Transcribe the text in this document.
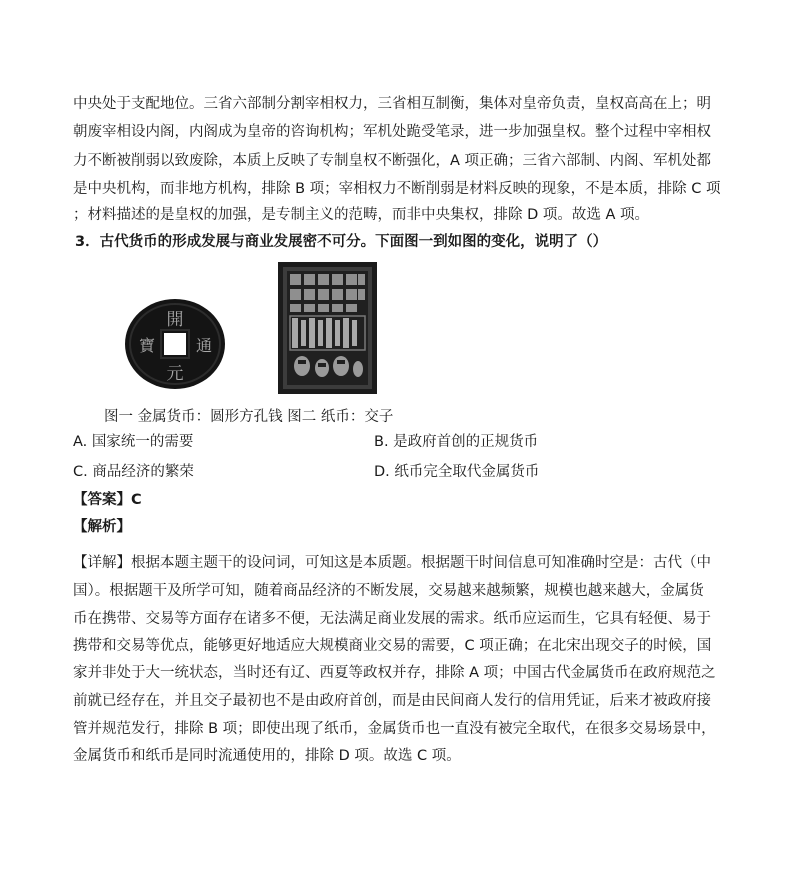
中央处于支配地位。三省六部制分割宰相权力，三省相互制衡，集体对皇帝负责，皇权高高在上；明
朝废宰相设内阁，内阁成为皇帝的咨询机构；军机处跪受笔录，进一步加强皇权。整个过程中宰相权
力不断被削弱以致废除，本质上反映了专制皇权不断强化，A 项正确；三省六部制、内阁、军机处都
是中央机构，而非地方机构，排除 B 项；宰相权力不断削弱是材料反映的现象，不是本质，排除 C 项
；材料描述的是皇权的加强，是专制主义的范畴，而非中央集权，排除 D 项。故选 A 项。
3．古代货币的形成发展与商业发展密不可分。下面图一到如图的变化，说明了（）
開
元
通
寶
图一 金属货币：圆形方孔钱 图二 纸币：交子
A. 国家统一的需要	B. 是政府首创的正规货币
C. 商品经济的繁荣	D. 纸币完全取代金属货币
【答案】C
【解析】
【详解】根据本题主题干的设问词，可知这是本质题。根据题干时间信息可知准确时空是：古代（中
国）。根据题干及所学可知，随着商品经济的不断发展，交易越来越频繁，规模也越来越大，金属货
币在携带、交易等方面存在诸多不便，无法满足商业发展的需求。纸币应运而生，它具有轻便、易于
携带和交易等优点，能够更好地适应大规模商业交易的需要，C 项正确；在北宋出现交子的时候，国
家并非处于大一统状态，当时还有辽、西夏等政权并存，排除 A 项；中国古代金属货币在政府规范之
前就已经存在，并且交子最初也不是由政府首创，而是由民间商人发行的信用凭证，后来才被政府接
管并规范发行，排除 B 项；即使出现了纸币，金属货币也一直没有被完全取代，在很多交易场景中，
金属货币和纸币是同时流通使用的，排除 D 项。故选 C 项。
